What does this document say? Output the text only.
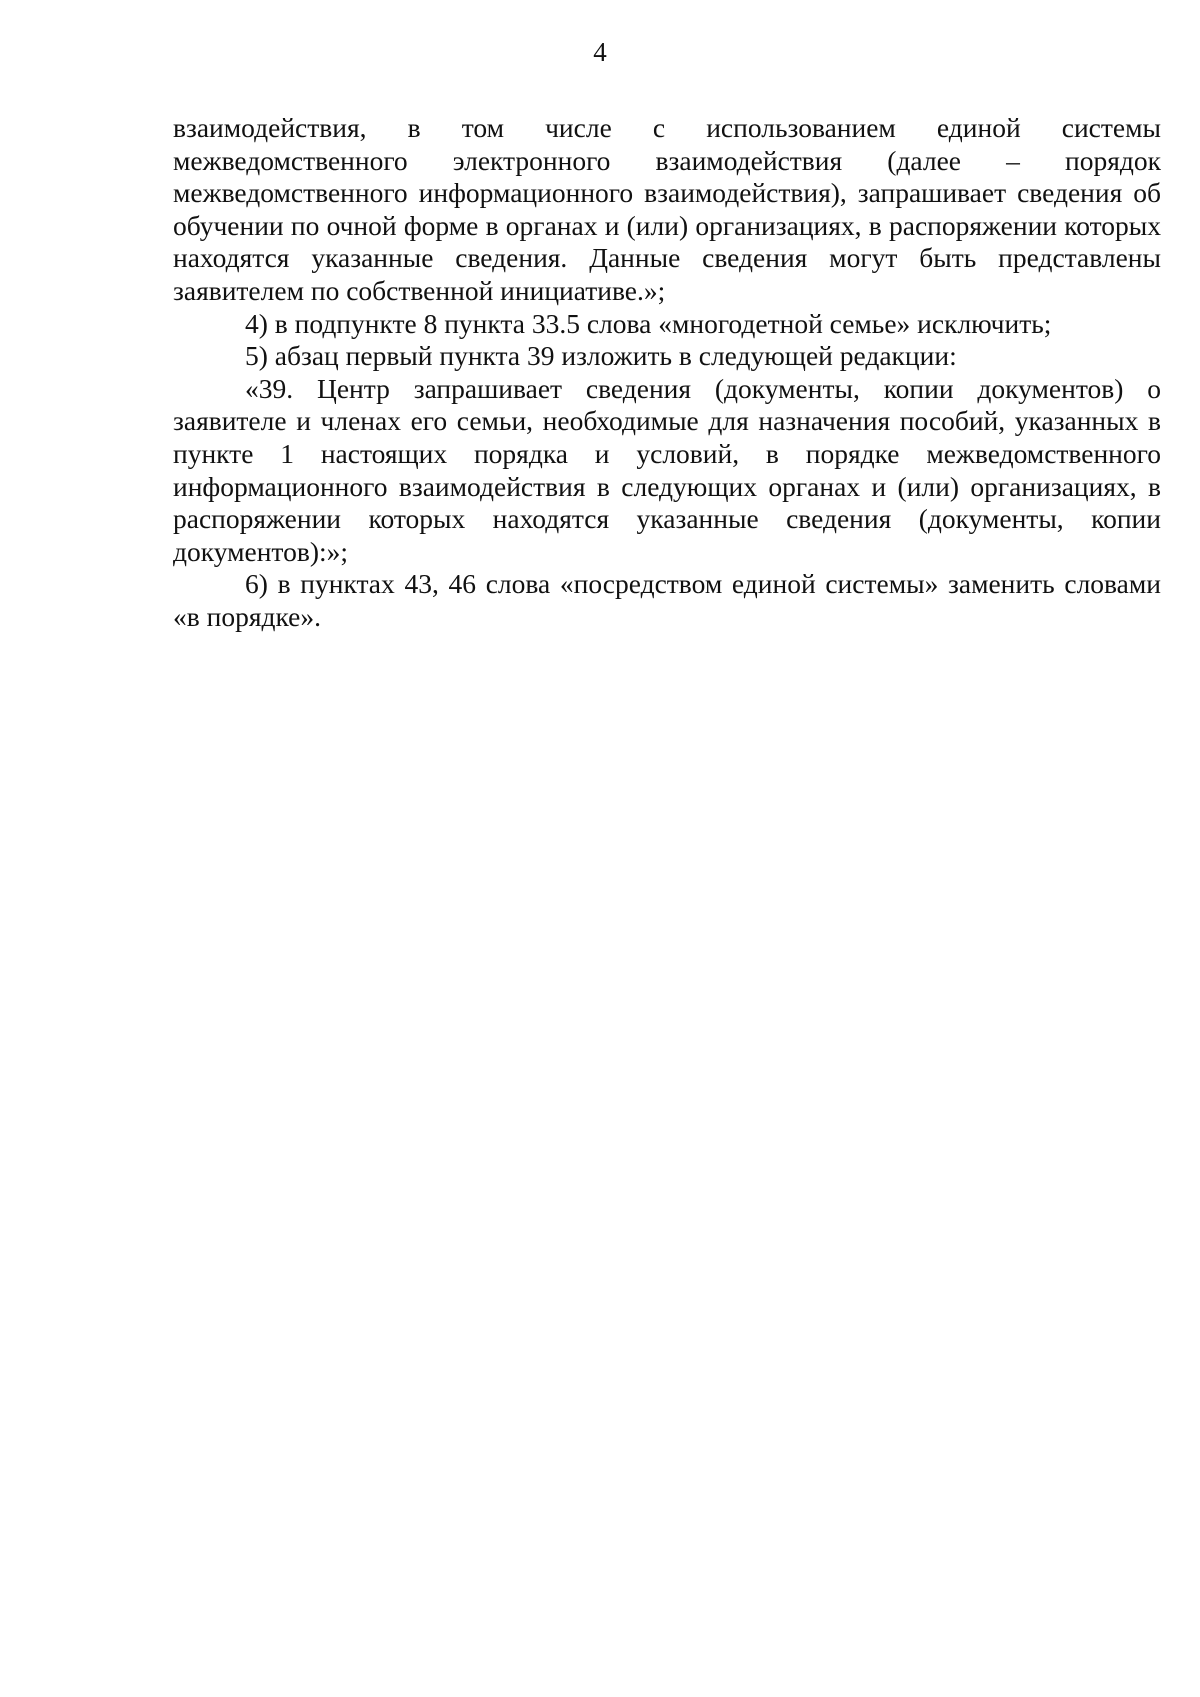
4

взаимодействия, в том числе с использованием единой системы межведомственного электронного взаимодействия (далее – порядок межведомственного информационного взаимодействия), запрашивает сведения об обучении по очной форме в органах и (или) организациях, в распоряжении которых находятся указанные сведения. Данные сведения могут быть представлены заявителем по собственной инициативе.»;

4) в подпункте 8 пункта 33.5 слова «многодетной семье» исключить;

5) абзац первый пункта 39 изложить в следующей редакции:

«39. Центр запрашивает сведения (документы, копии документов) о заявителе и членах его семьи, необходимые для назначения пособий, указанных в пункте 1 настоящих порядка и условий, в порядке межведомственного информационного взаимодействия в следующих органах и (или) организациях, в распоряжении которых находятся указанные сведения (документы, копии документов):»;

6) в пунктах 43, 46 слова «посредством единой системы» заменить словами «в порядке».
